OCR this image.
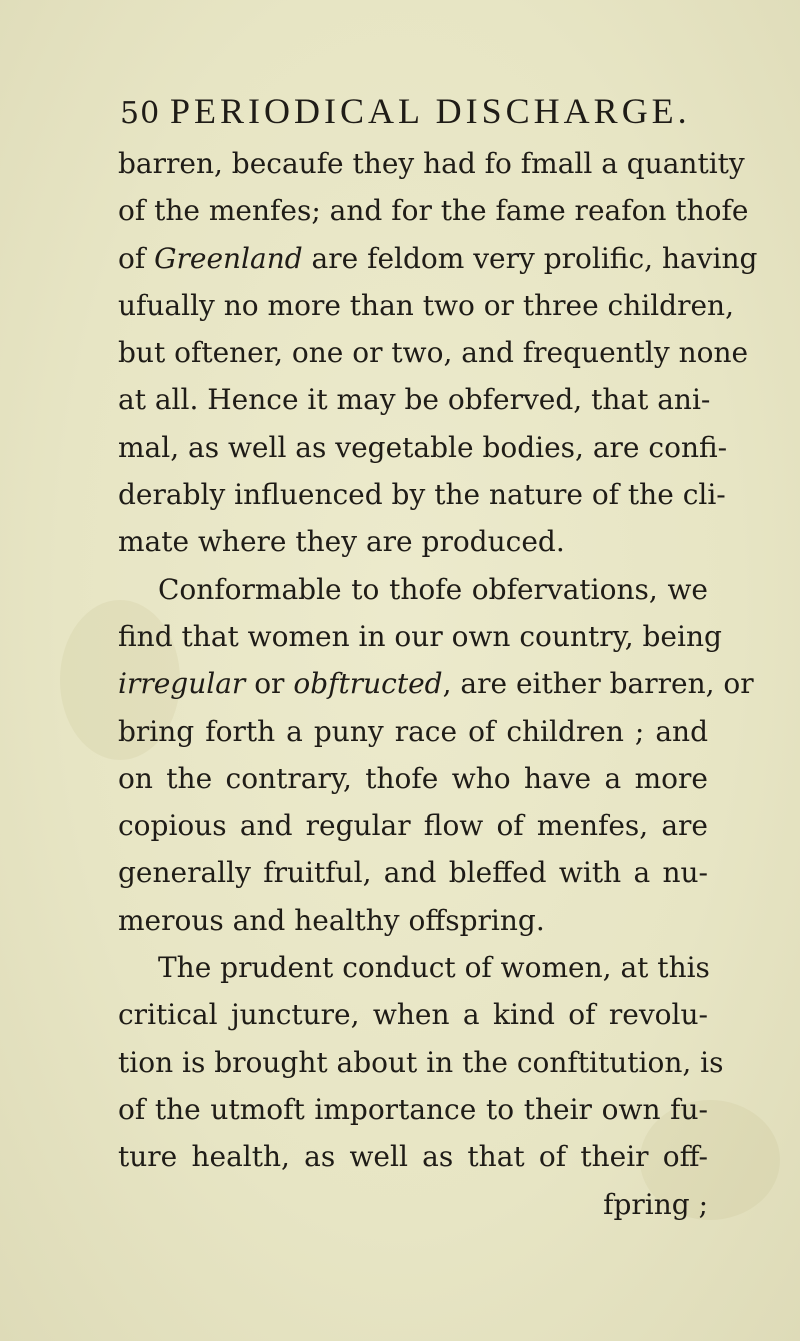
50 PERIODICAL DISCHARGE.
barren, becaufe they had fo fmall a quantity
of the menfes; and for the fame reafon thofe
of Greenland are feldom very prolific, having
ufually no more than two or three children,
but oftener, one or two, and frequently none
at all. Hence it may be obferved, that ani-
mal, as well as vegetable bodies, are confi-
derably influenced by the nature of the cli-
mate where they are produced.
Conformable to thofe obfervations, we
find that women in our own country, being
irregular or obftructed, are either barren, or
bring forth a puny race of children ; and
on the contrary, thofe who have a more
copious and regular flow of menfes, are
generally fruitful, and bleffed with a nu-
merous and healthy offspring.
The prudent conduct of women, at this
critical juncture, when a kind of revolu-
tion is brought about in the conftitution, is
of the utmoft importance to their own fu-
ture health, as well as that of their off-
fpring ;
